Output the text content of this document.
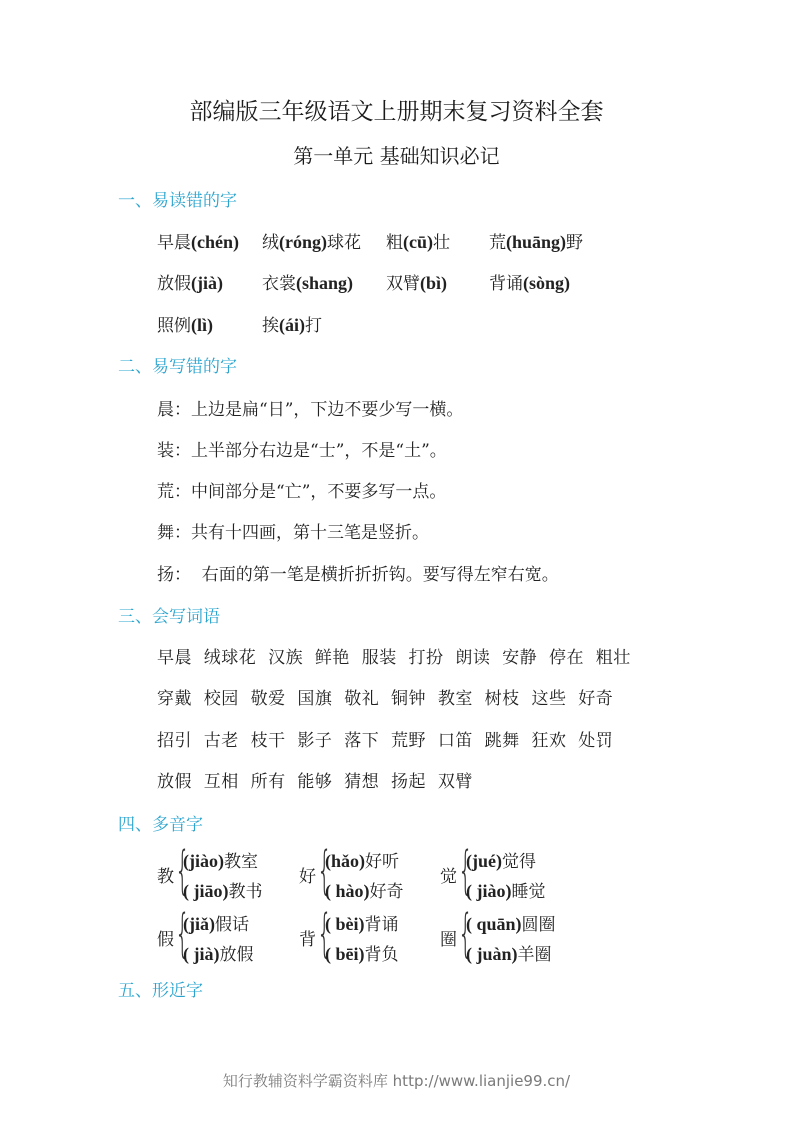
部编版三年级语文上册期末复习资料全套
第一单元 基础知识必记
一、易读错的字
早晨(chén) 绒(róng)球花 粗(cū)壮 荒(huāng)野
放假(jià) 衣裳(shang) 双臂(bì) 背诵(sòng)
照例(lì)	挨(ái)打
二、易写错的字
晨：上边是扁“日”，下边不要少写一横。
装：上半部分右边是“士”，不是“土”。
荒：中间部分是“亡”，不要多写一点。
舞：共有十四画，第十三笔是竖折。
扬：  右面的第一笔是横折折折钩。要写得左窄右宽。
三、会写词语
早晨  绒球花  汉族  鲜艳  服装  打扮  朗读  安静  停在  粗壮
穿戴  校园  敬爱  国旗  敬礼  铜钟  教室  树枝  这些  好奇
招引  古老  枝干  影子  落下  荒野  口笛  跳舞  狂欢  处罚
放假  互相  所有  能够  猜想  扬起  双臂
四、多音字
教 {
(jiào)教室
( jiāo)教书
好 {
(hǎo)好听
( hào)好奇
觉 {
(jué)觉得
( jiào)睡觉
假 {
(jiǎ)假话
( jià)放假
背 {
( bèi)背诵
( bēi)背负
圈 {
( quān)圆圈
( juàn)羊圈
五、形近字
知行教辅资料学霸资料库 http://www.lianjie99.cn/
